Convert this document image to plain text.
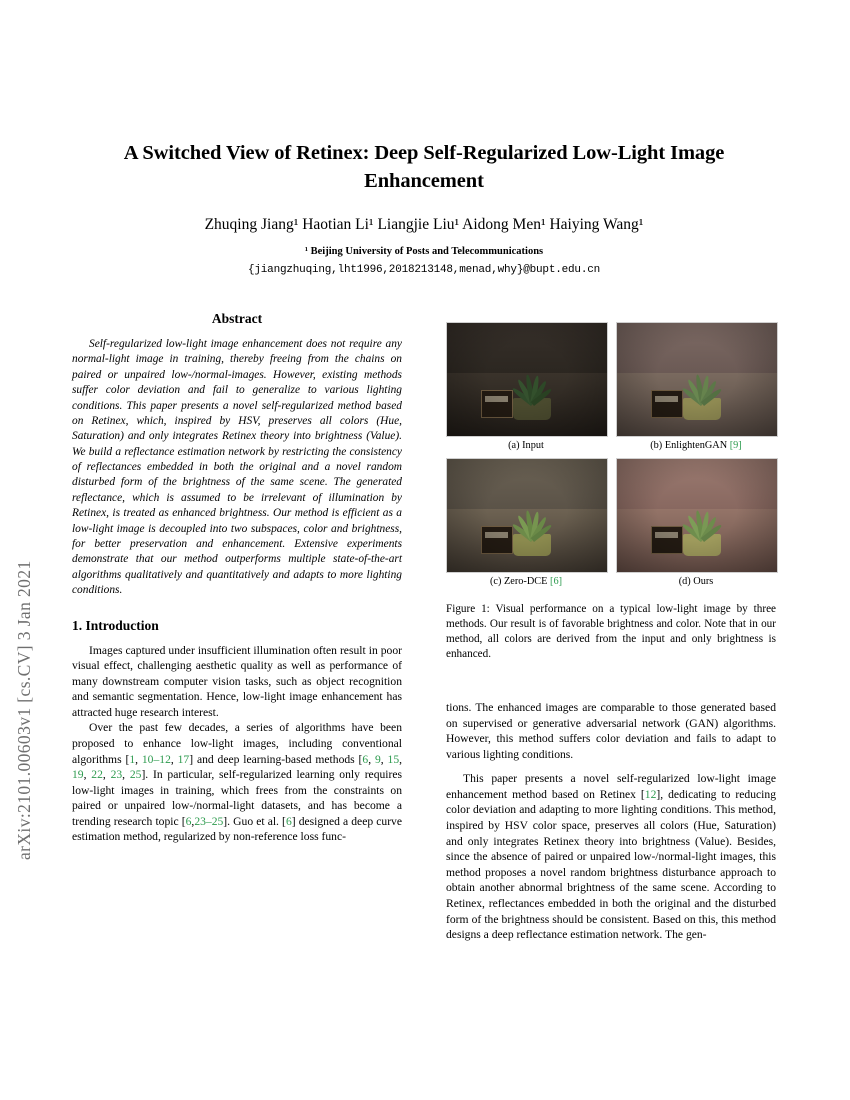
arXiv:2101.00603v1 [cs.CV] 3 Jan 2021
A Switched View of Retinex: Deep Self-Regularized Low-Light Image Enhancement
Zhuqing Jiang¹ Haotian Li¹ Liangjie Liu¹ Aidong Men¹ Haiying Wang¹
¹ Beijing University of Posts and Telecommunications
{jiangzhuqing,lht1996,2018213148,menad,why}@bupt.edu.cn
Abstract

Self-regularized low-light image enhancement does not require any normal-light image in training, thereby freeing from the chains on paired or unpaired low-/normal-images. However, existing methods suffer color deviation and fail to generalize to various lighting conditions. This paper presents a novel self-regularized method based on Retinex, which, inspired by HSV, preserves all colors (Hue, Saturation) and only integrates Retinex theory into brightness (Value). We build a reflectance estimation network by restricting the consistency of reflectances embedded in both the original and a novel random disturbed form of the brightness of the same scene. The generated reflectance, which is assumed to be irrelevant of illumination by Retinex, is treated as enhanced brightness. Our method is efficient as a low-light image is decoupled into two subspaces, color and brightness, for better preservation and enhancement. Extensive experiments demonstrate that our method outperforms multiple state-of-the-art algorithms qualitatively and quantitatively and adapts to more lighting conditions.

1. Introduction

Images captured under insufficient illumination often result in poor visual effect, challenging aesthetic quality as well as performance of many downstream computer vision tasks, such as object recognition and semantic segmentation. Hence, low-light image enhancement has attracted huge research interest.

Over the past few decades, a series of algorithms have been proposed to enhance low-light images, including conventional algorithms [1, 10–12, 17] and deep learning-based methods [6, 9, 15, 19, 22, 23, 25]. In particular, self-regularized learning only requires low-light images in training, which frees from the constraints on paired or unpaired low-/normal-light datasets, and has become a trending research topic [6,23–25]. Guo et al. [6] designed a deep curve estimation method, regularized by non-reference loss func-

(a) Input	(b) EnlightenGAN [9]
(c) Zero-DCE [6]	(d) Ours
Figure 1: Visual performance on a typical low-light image by three methods. Our result is of favorable brightness and color. Note that in our method, all colors are derived from the input and only brightness is enhanced.

tions. The enhanced images are comparable to those generated based on supervised or generative adversarial network (GAN) algorithms. However, this method suffers color deviation and fails to adapt to various lighting conditions.

This paper presents a novel self-regularized low-light image enhancement method based on Retinex [12], dedicating to reducing color deviation and adapting to more lighting conditions. This method, inspired by HSV color space, preserves all colors (Hue, Saturation) and only integrates Retinex theory into brightness (Value). Besides, since the absence of paired or unpaired low-/normal-light images, this method proposes a novel random brightness disturbance approach to obtain another abnormal brightness of the same scene. According to Retinex, reflectances embedded in both the original and the disturbed form of the brightness should be consistent. Based on this, this method designs a deep reflectance estimation network. The gen-
